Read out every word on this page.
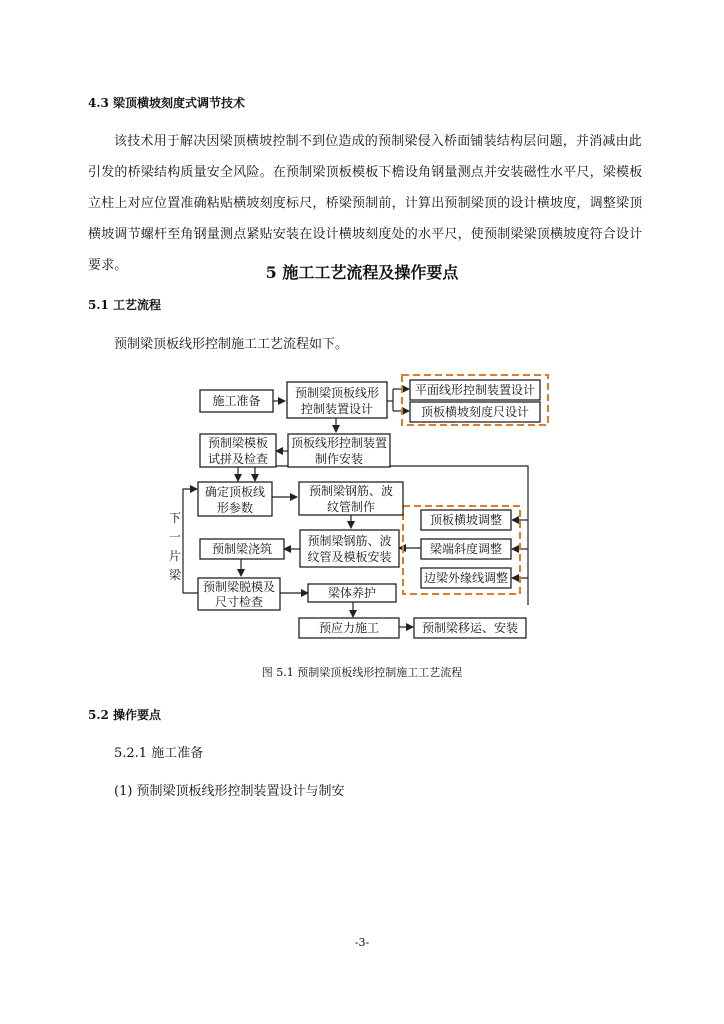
4.3 梁顶横坡刻度式调节技术
该技术用于解决因梁顶横坡控制不到位造成的预制梁侵入桥面铺装结构层问题，并消减由此引发的桥梁结构质量安全风险。在预制梁顶板模板下檐设角钢量测点并安装磁性水平尺，梁模板立柱上对应位置准确粘贴横坡刻度标尺，桥梁预制前，计算出预制梁顶的设计横坡度，调整梁顶横坡调节螺杆至角钢量测点紧贴安装在设计横坡刻度处的水平尺，使预制梁梁顶横坡度符合设计要求。	5 施工工艺流程及操作要点
5.1 工艺流程
预制梁顶板线形控制施工工艺流程如下。
施工准备
预制梁顶板线形
控制装置设计
平面线形控制装置设计
顶板横坡刻度尺设计
预制梁模板
试拼及检查
顶板线形控制装置
制作安装
确定顶板线
形参数
预制梁钢筋、波
纹管制作
预制梁钢筋、波
纹管及模板安装
顶板横坡调整
梁端斜度调整
边梁外缘线调整
预制梁浇筑
预制梁脱模及
尺寸检查
梁体养护
预应力施工	预制梁移运、安装
下
一
片
梁
图 5.1 预制梁顶板线形控制施工工艺流程
5.2 操作要点
5.2.1 施工准备
(1) 预制梁顶板线形控制装置设计与制安
-3-
